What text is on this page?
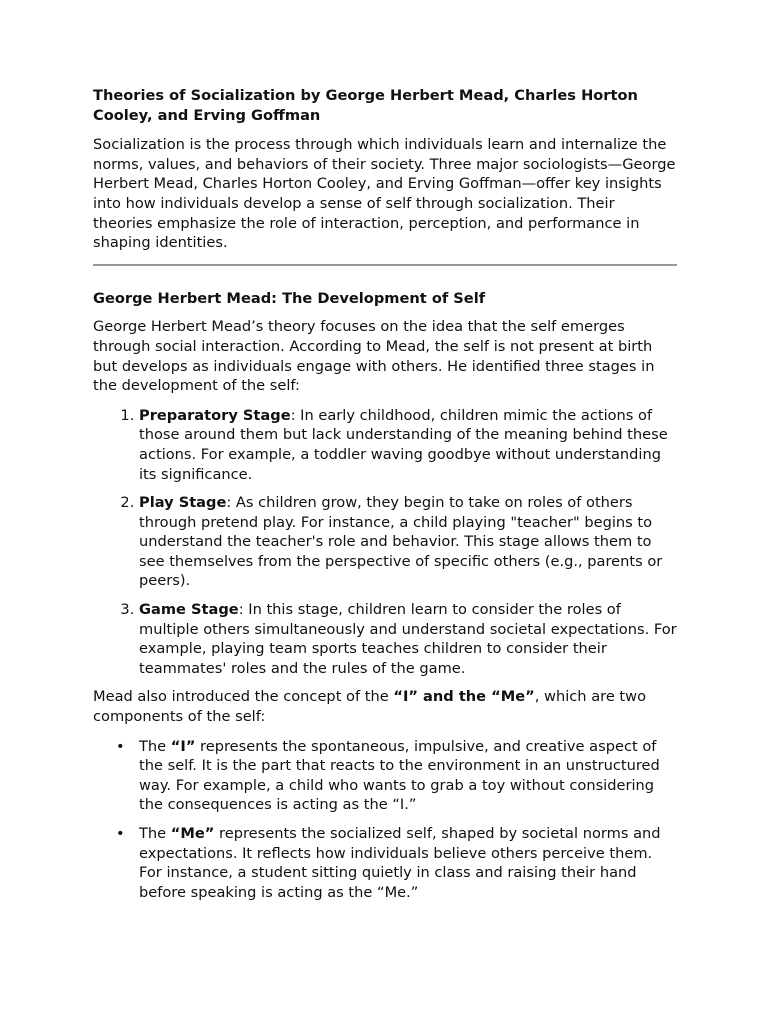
Theories of Socialization by George Herbert Mead, Charles Horton Cooley, and Erving Goffman

Socialization is the process through which individuals learn and internalize the norms, values, and behaviors of their society. Three major sociologists—George Herbert Mead, Charles Horton Cooley, and Erving Goffman—offer key insights into how individuals develop a sense of self through socialization. Their theories emphasize the role of interaction, perception, and performance in shaping identities.

George Herbert Mead: The Development of Self

George Herbert Mead’s theory focuses on the idea that the self emerges through social interaction. According to Mead, the self is not present at birth but develops as individuals engage with others. He identified three stages in the development of the self:

1. Preparatory Stage: In early childhood, children mimic the actions of those around them but lack understanding of the meaning behind these actions. For example, a toddler waving goodbye without understanding its significance.
2. Play Stage: As children grow, they begin to take on roles of others through pretend play. For instance, a child playing "teacher" begins to understand the teacher's role and behavior. This stage allows them to see themselves from the perspective of specific others (e.g., parents or peers).
3. Game Stage: In this stage, children learn to consider the roles of multiple others simultaneously and understand societal expectations. For example, playing team sports teaches children to consider their teammates' roles and the rules of the game.

Mead also introduced the concept of the “I” and the “Me”, which are two components of the self:

• The “I” represents the spontaneous, impulsive, and creative aspect of the self. It is the part that reacts to the environment in an unstructured way. For example, a child who wants to grab a toy without considering the consequences is acting as the “I.”
• The “Me” represents the socialized self, shaped by societal norms and expectations. It reflects how individuals believe others perceive them. For instance, a student sitting quietly in class and raising their hand before speaking is acting as the “Me.”
